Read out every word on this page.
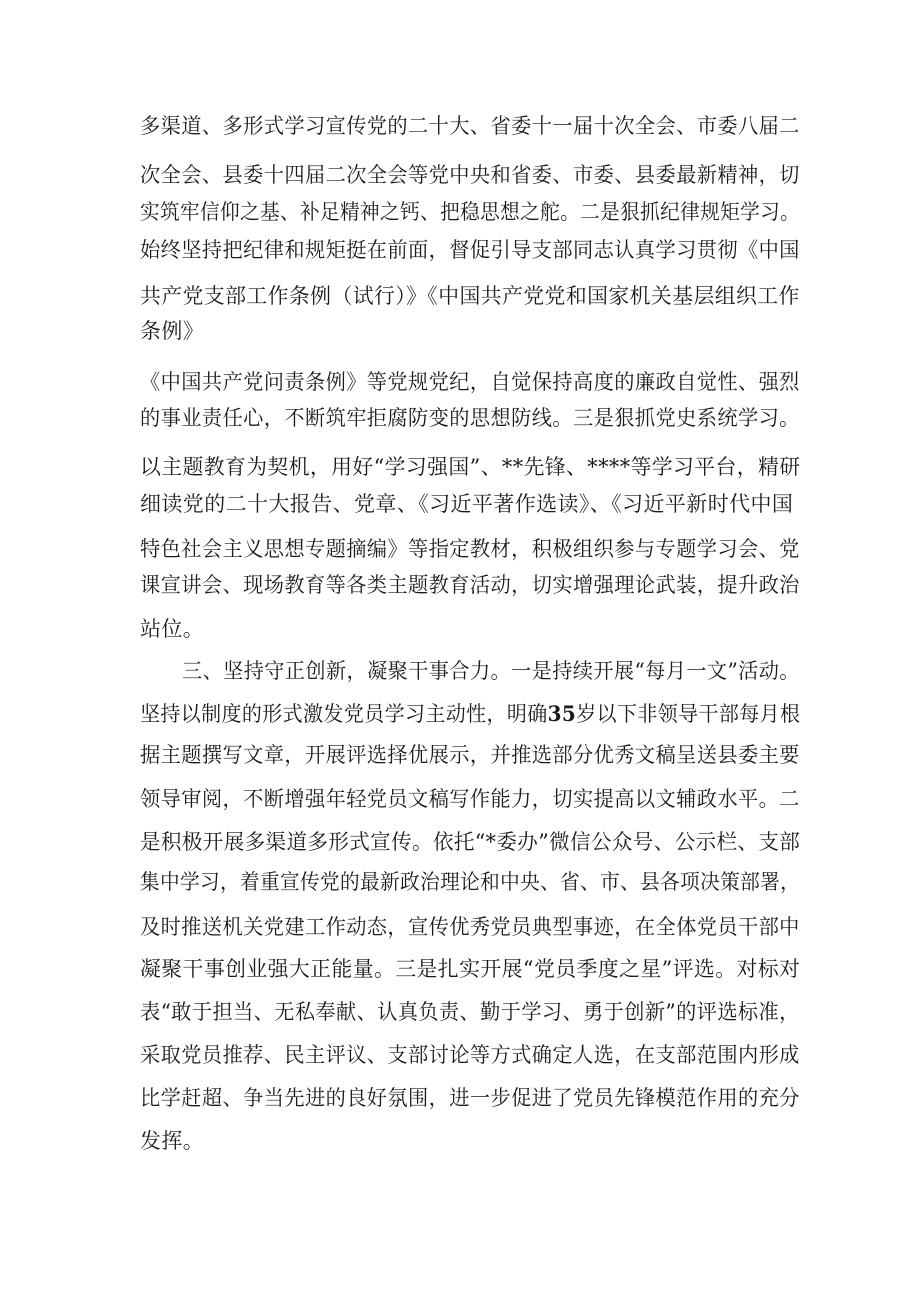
多渠道、多形式学习宣传党的二十大、省委十一届十次全会、市委八届二
次全会、县委十四届二次全会等党中央和省委、市委、县委最新精神，切
实筑牢信仰之基、补足精神之钙、把稳思想之舵。二是狠抓纪律规矩学习。
始终坚持把纪律和规矩挺在前面，督促引导支部同志认真学习贯彻《中国
共产党支部工作条例（试行）》《中国共产党党和国家机关基层组织工作
条例》
《中国共产党问责条例》等党规党纪，自觉保持高度的廉政自觉性、强烈
的事业责任心，不断筑牢拒腐防变的思想防线。三是狠抓党史系统学习。
以主题教育为契机，用好“学习强国”、**先锋、****等学习平台，精研
细读党的二十大报告、党章、《习近平著作选读》、《习近平新时代中国
特色社会主义思想专题摘编》等指定教材，积极组织参与专题学习会、党
课宣讲会、现场教育等各类主题教育活动，切实增强理论武装，提升政治
站位。
三、坚持守正创新，凝聚干事合力。一是持续开展“每月一文”活动。
坚持以制度的形式激发党员学习主动性，明确35岁以下非领导干部每月根
据主题撰写文章，开展评选择优展示，并推选部分优秀文稿呈送县委主要
领导审阅，不断增强年轻党员文稿写作能力，切实提高以文辅政水平。二
是积极开展多渠道多形式宣传。依托“*委办”微信公众号、公示栏、支部
集中学习，着重宣传党的最新政治理论和中央、省、市、县各项决策部署，
及时推送机关党建工作动态，宣传优秀党员典型事迹，在全体党员干部中
凝聚干事创业强大正能量。三是扎实开展“党员季度之星”评选。对标对
表“敢于担当、无私奉献、认真负责、勤于学习、勇于创新”的评选标准，
采取党员推荐、民主评议、支部讨论等方式确定人选，在支部范围内形成
比学赶超、争当先进的良好氛围，进一步促进了党员先锋模范作用的充分
发挥。
